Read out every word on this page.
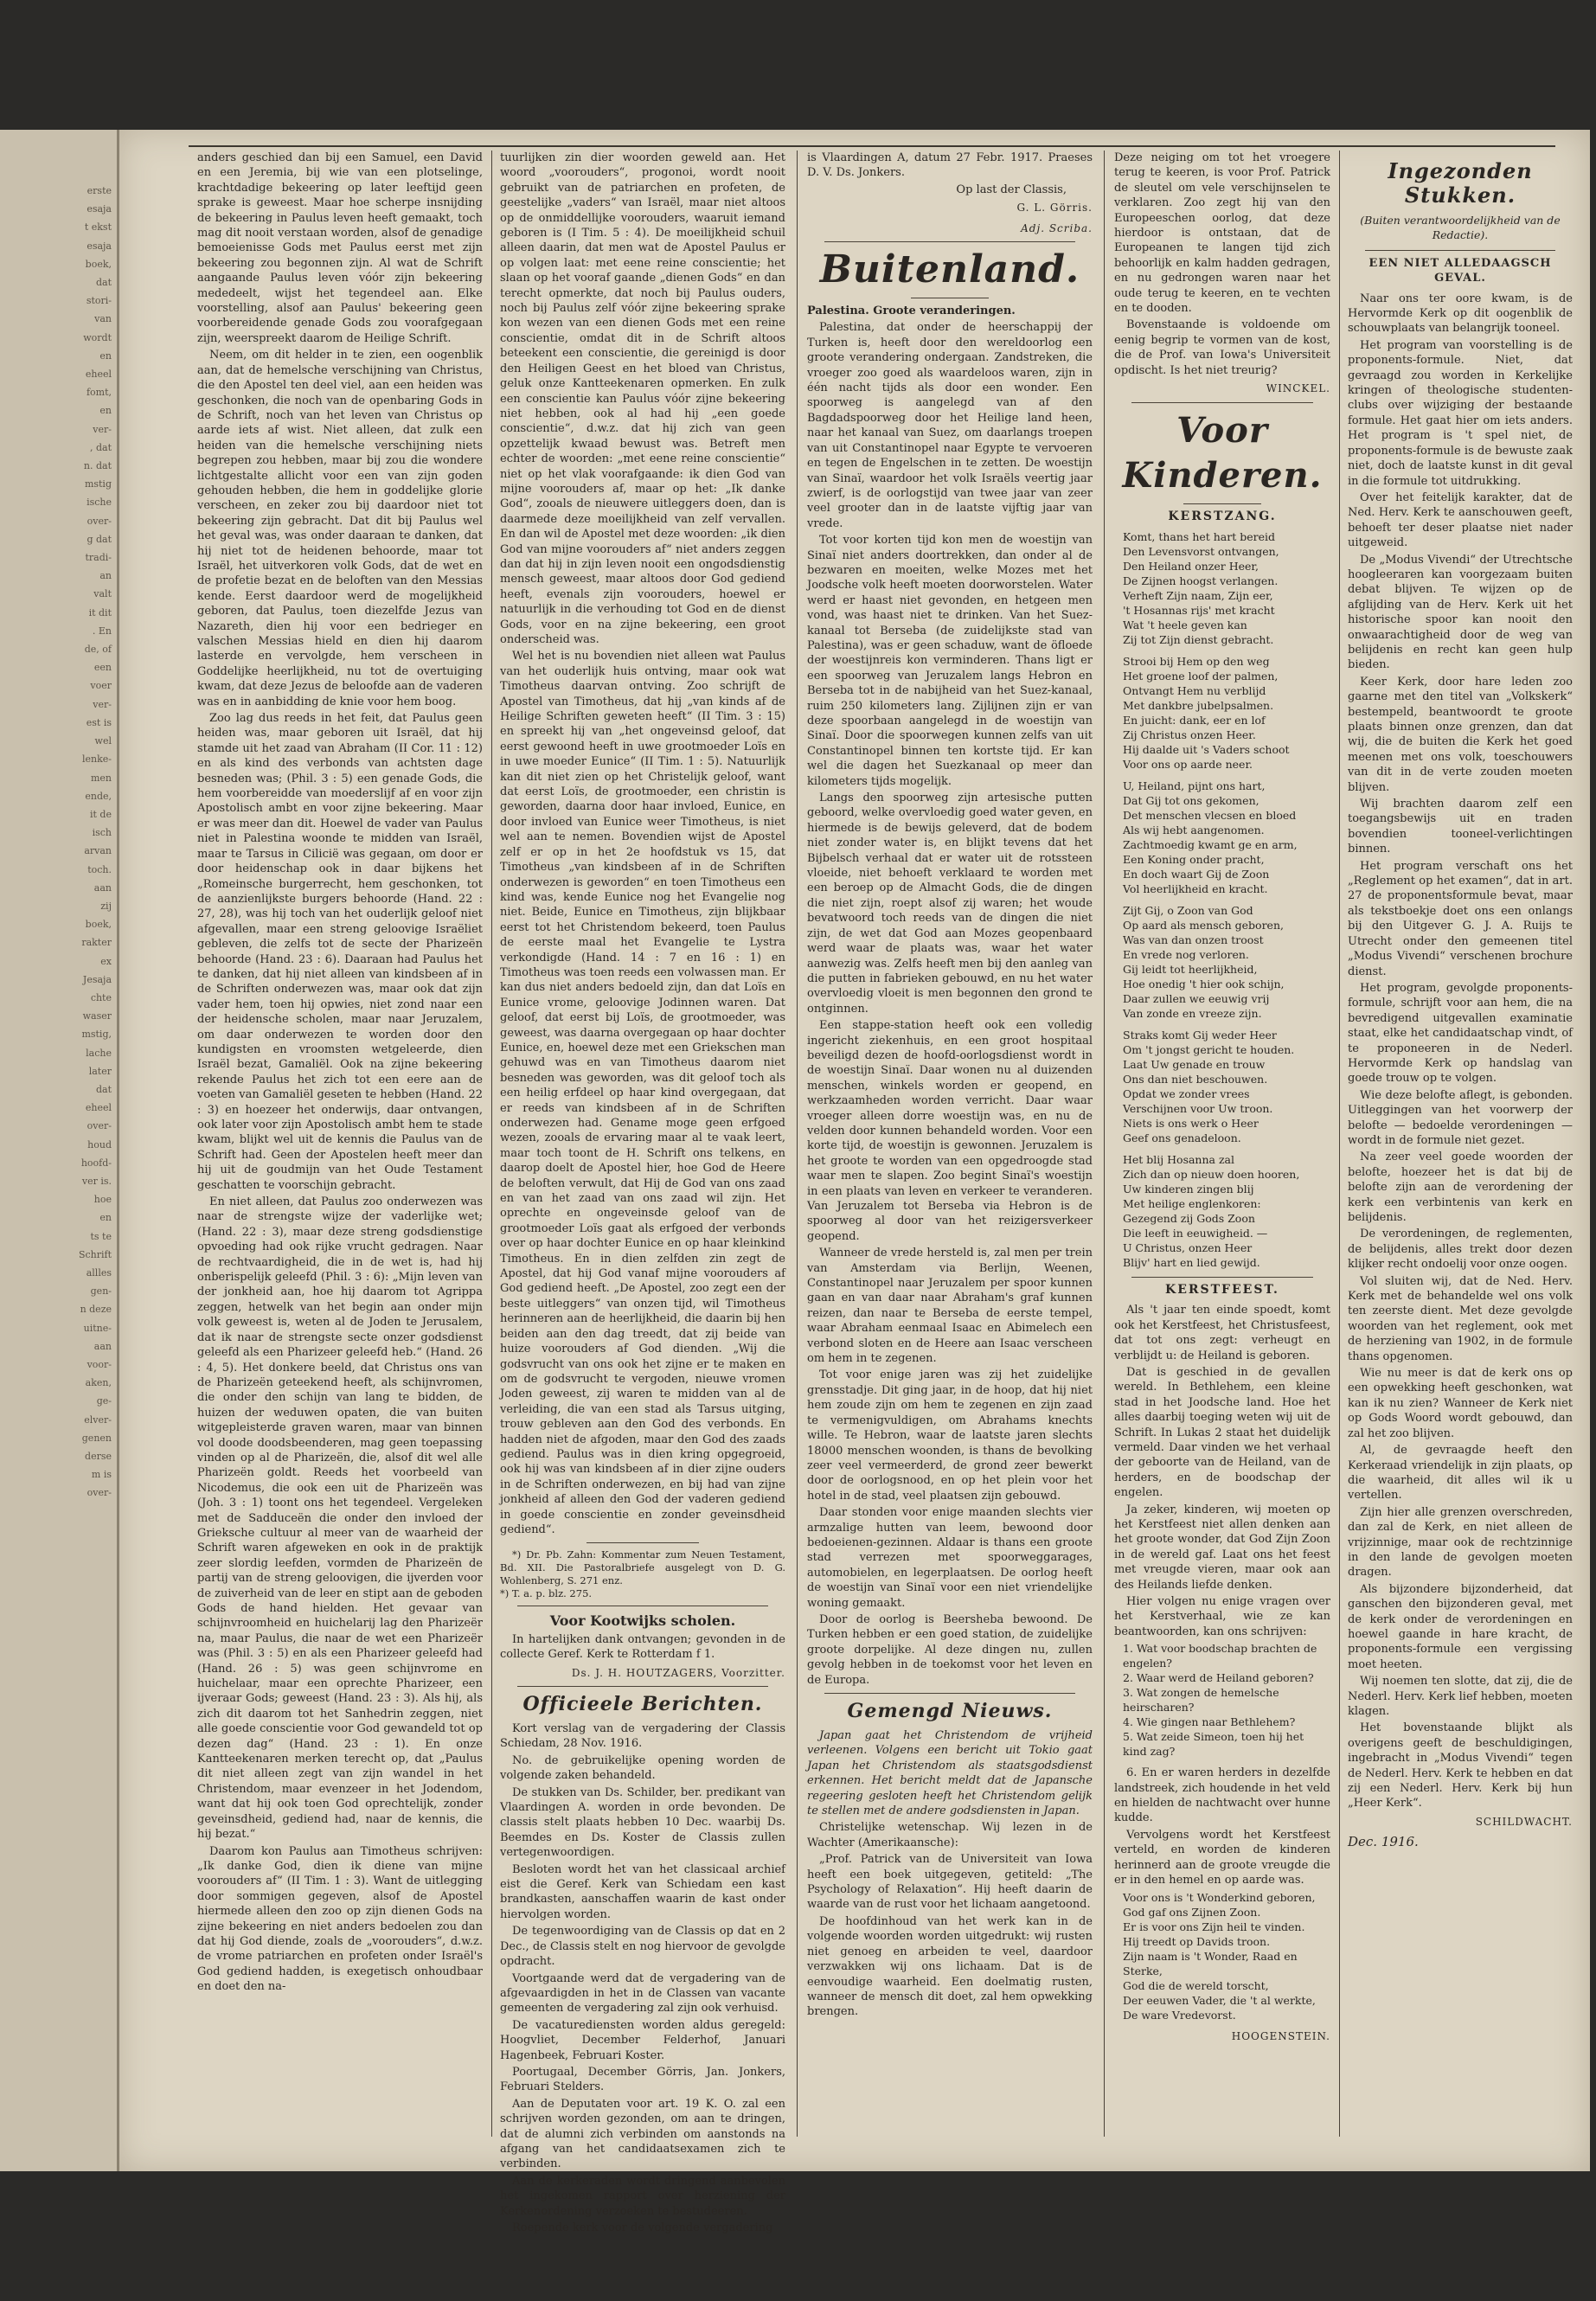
erste
esaja
t ekst
esaja
boek,
dat
stori-
van
wordt
en
eheel
fomt,
en
ver-
, dat
n. dat
mstig
ische
over-
g dat
tradi-
an
valt
it dit
. En
de, of
een
voer
ver-
est is
wel
lenke-
men
ende,
it de
isch
arvan
toch.
aan
zij
boek,
rakter
ex
Jesaja
chte
waser
mstig,
lache
later
dat
eheel
over-
houd
hoofd-
ver is.
hoe
en
ts te
Schrift
allles
gen-
n deze
uitne-
aan
voor-
aken,
ge-
elver-
genen
derse
m is
over-

anders geschied dan bij een Samuel, een David en een Jeremia, bij wie van een plotselinge, krachtdadige bekeering op later leeftijd geen sprake is geweest. Maar hoe scherpe insnijding de bekeering in Paulus leven heeft gemaakt, toch mag dit nooit verstaan worden, alsof de genadige bemoeienisse Gods met Paulus eerst met zijn bekeering zou begonnen zijn. Al wat de Schrift aangaande Paulus leven vóór zijn bekeering mededeelt, wijst het tegendeel aan. Elke voorstelling, alsof aan Paulus' bekeering geen voorbereidende genade Gods zou voorafgegaan zijn, weerspreekt daarom de Heilige Schrift.

Neem, om dit helder in te zien, een oogenblik aan, dat de hemelsche verschijning van Christus, die den Apostel ten deel viel, aan een heiden was geschonken, die noch van de openbaring Gods in de Schrift, noch van het leven van Christus op aarde iets af wist. Niet alleen, dat zulk een heiden van die hemelsche verschijning niets begrepen zou hebben, maar bij zou die wondere lichtgestalte allicht voor een van zijn goden gehouden hebben, die hem in goddelijke glorie verscheen, en zeker zou bij daardoor niet tot bekeering zijn gebracht. Dat dit bij Paulus wel het geval was, was onder daaraan te danken, dat hij niet tot de heidenen behoorde, maar tot Israël, het uitverkoren volk Gods, dat de wet en de profetie bezat en de beloften van den Messias kende. Eerst daardoor werd de mogelijkheid geboren, dat Paulus, toen diezelfde Jezus van Nazareth, dien hij voor een bedrieger en valschen Messias hield en dien hij daarom lasterde en vervolgde, hem verscheen in Goddelijke heerlijkheid, nu tot de overtuiging kwam, dat deze Jezus de beloofde aan de vaderen was en in aanbidding de knie voor hem boog.

Zoo lag dus reeds in het feit, dat Paulus geen heiden was, maar geboren uit Israël, dat hij stamde uit het zaad van Abraham (II Cor. 11 : 12) en als kind des verbonds van achtsten dage besneden was; (Phil. 3 : 5) een genade Gods, die hem voorbereidde van moederslijf af en voor zijn Apostolisch ambt en voor zijne bekeering. Maar er was meer dan dit. Hoewel de vader van Paulus niet in Palestina woonde te midden van Israël, maar te Tarsus in Cilicië was gegaan, om door er door heidenschap ook in daar bijkens het „Romeinsche burgerrecht, hem geschonken, tot de aanzienlijkste burgers behoorde (Hand. 22 : 27, 28), was hij toch van het ouderlijk geloof niet afgevallen, maar een streng geloovige Israëliet gebleven, die zelfs tot de secte der Pharizeën behoorde (Hand. 23 : 6). Daaraan had Paulus het te danken, dat hij niet alleen van kindsbeen af in de Schriften onderwezen was, maar ook dat zijn vader hem, toen hij opwies, niet zond naar een der heidensche scholen, maar naar Jeruzalem, om daar onderwezen te worden door den kundigsten en vroomsten wetgeleerde, dien Israël bezat, Gamaliël. Ook na zijne bekeering rekende Paulus het zich tot een eere aan de voeten van Gamaliël geseten te hebben (Hand. 22 : 3) en hoezeer het onderwijs, daar ontvangen, ook later voor zijn Apostolisch ambt hem te stade kwam, blijkt wel uit de kennis die Paulus van de Schrift had. Geen der Apostelen heeft meer dan hij uit de goudmijn van het Oude Testament geschatten te voorschijn gebracht.

En niet alleen, dat Paulus zoo onderwezen was naar de strengste wijze der vaderlijke wet; (Hand. 22 : 3), maar deze streng godsdienstige opvoeding had ook rijke vrucht gedragen. Naar de rechtvaardigheid, die in de wet is, had hij onberispelijk geleefd (Phil. 3 : 6): „Mijn leven van der jonkheid aan, hoe hij daarom tot Agrippa zeggen, hetwelk van het begin aan onder mijn volk geweest is, weten al de Joden te Jerusalem, dat ik naar de strengste secte onzer godsdienst geleefd als een Pharizeer geleefd heb.“ (Hand. 26 : 4, 5). Het donkere beeld, dat Christus ons van de Pharizeën geteekend heeft, als schijnvromen, die onder den schijn van lang te bidden, de huizen der weduwen opaten, die van buiten witgepleisterde graven waren, maar van binnen vol doode doodsbeenderen, mag geen toepassing vinden op al de Pharizeën, die, alsof dit wel alle Pharizeën goldt. Reeds het voorbeeld van Nicodemus, die ook een uit de Pharizeën was (Joh. 3 : 1) toont ons het tegendeel. Vergeleken met de Sadduceën die onder den invloed der Grieksche cultuur al meer van de waarheid der Schrift waren afgeweken en ook in de praktijk zeer slordig leefden, vormden de Pharizeën de partij van de streng geloovigen, die ijverden voor de zuiverheid van de leer en stipt aan de geboden Gods de hand hielden. Het gevaar van schijnvroomheid en huichelarij lag den Pharizeër na, maar Paulus, die naar de wet een Pharizeër was (Phil. 3 : 5) en als een Pharizeer geleefd had (Hand. 26 : 5) was geen schijnvrome en huichelaar, maar een oprechte Pharizeer, een ijveraar Gods; geweest (Hand. 23 : 3). Als hij, als zich dit daarom tot het Sanhedrin zeggen, niet alle goede conscientie voor God gewandeld tot op dezen dag“ (Hand. 23 : 1). En onze Kantteekenaren merken terecht op, dat „Paulus dit niet alleen zegt van zijn wandel in het Christendom, maar evenzeer in het Jodendom, want dat hij ook toen God oprechtelijk, zonder geveinsdheid, gediend had, naar de kennis, die hij bezat.“

Daarom kon Paulus aan Timotheus schrijven: „Ik danke God, dien ik diene van mijne voorouders af“ (II Tim. 1 : 3). Want de uitlegging door sommigen gegeven, alsof de Apostel hiermede alleen den zoo op zijn dienen Gods na zijne bekeering en niet anders bedoelen zou dan dat hij God diende, zoals de „voorouders“, d.w.z. de vrome patriarchen en profeten onder Israël's God gediend hadden, is exegetisch onhoudbaar en doet den na-

tuurlijken zin dier woorden geweld aan. Het woord „voorouders“, progonoi, wordt nooit gebruikt van de patriarchen en profeten, de geestelijke „vaders“ van Israël, maar niet altoos op de onmiddellijke voorouders, waaruit iemand geboren is (I Tim. 5 : 4). De moeilijkheid schuil alleen daarin, dat men wat de Apostel Paulus er op volgen laat: met eene reine conscientie; het slaan op het vooraf gaande „dienen Gods“ en dan terecht opmerkte, dat noch bij Paulus ouders, noch bij Paulus zelf vóór zijne bekeering sprake kon wezen van een dienen Gods met een reine conscientie, omdat dit in de Schrift altoos beteekent een conscientie, die gereinigd is door den Heiligen Geest en het bloed van Christus, geluk onze Kantteekenaren opmerken. En zulk een conscientie kan Paulus vóór zijne bekeering niet hebben, ook al had hij „een goede conscientie“, d.w.z. dat hij zich van geen opzettelijk kwaad bewust was. Betreft men echter de woorden: „met eene reine conscientie“ niet op het vlak voorafgaande: ik dien God van mijne voorouders af, maar op het: „Ik danke God“, zooals de nieuwere uitleggers doen, dan is daarmede deze moeilijkheid van zelf vervallen. En dan wil de Apostel met deze woorden: „ik dien God van mijne voorouders af“ niet anders zeggen dan dat hij in zijn leven nooit een ongodsdienstig mensch geweest, maar altoos door God gediend heeft, evenals zijn voorouders, hoewel er natuurlijk in die verhouding tot God en de dienst Gods, voor en na zijne bekeering, een groot onderscheid was.

Wel het is nu bovendien niet alleen wat Paulus van het ouderlijk huis ontving, maar ook wat Timotheus daarvan ontving. Zoo schrijft de Apostel van Timotheus, dat hij „van kinds af de Heilige Schriften geweten heeft“ (II Tim. 3 : 15) en spreekt hij van „het ongeveinsd geloof, dat eerst gewoond heeft in uwe grootmoeder Loïs en in uwe moeder Eunice“ (II Tim. 1 : 5). Natuurlijk kan dit niet zien op het Christelijk geloof, want dat eerst Loïs, de grootmoeder, een christin is geworden, daarna door haar invloed, Eunice, en door invloed van Eunice weer Timotheus, is niet wel aan te nemen. Bovendien wijst de Apostel zelf er op in het 2e hoofdstuk vs 15, dat Timotheus „van kindsbeen af in de Schriften onderwezen is geworden“ en toen Timotheus een kind was, kende Eunice nog het Evangelie nog niet. Beide, Eunice en Timotheus, zijn blijkbaar eerst tot het Christendom bekeerd, toen Paulus de eerste maal het Evangelie te Lystra verkondigde (Hand. 14 : 7 en 16 : 1) en Timotheus was toen reeds een volwassen man. Er kan dus niet anders bedoeld zijn, dan dat Loïs en Eunice vrome, geloovige Jodinnen waren. Dat geloof, dat eerst bij Loïs, de grootmoeder, was geweest, was daarna overgegaan op haar dochter Eunice, en, hoewel deze met een Griekschen man gehuwd was en van Timotheus daarom niet besneden was geworden, was dit geloof toch als een heilig erfdeel op haar kind overgegaan, dat er reeds van kindsbeen af in de Schriften onderwezen had. Gename moge geen erfgoed wezen, zooals de ervaring maar al te vaak leert, maar toch toont de H. Schrift ons telkens, en daarop doelt de Apostel hier, hoe God de Heere de beloften verwult, dat Hij de God van ons zaad en van het zaad van ons zaad wil zijn. Het oprechte en ongeveinsde geloof van de grootmoeder Loïs gaat als erfgoed der verbonds over op haar dochter Eunice en op haar kleinkind Timotheus. En in dien zelfden zin zegt de Apostel, dat hij God vanaf mijne voorouders af God gediend heeft. „De Apostel, zoo zegt een der beste uitleggers“ van onzen tijd, wil Timotheus herinneren aan de heerlijkheid, die daarin bij hen beiden aan den dag treedt, dat zij beide van huize voorouders af God dienden. „Wij die godsvrucht van ons ook het zijne er te maken en om de godsvrucht te vergoden, nieuwe vromen Joden geweest, zij waren te midden van al de verleiding, die van een stad als Tarsus uitging, trouw gebleven aan den God des verbonds. En hadden niet de afgoden, maar den God des zaads gediend. Paulus was in dien kring opgegroeid, ook hij was van kindsbeen af in dier zijne ouders in de Schriften onderwezen, en bij had van zijne jonkheid af alleen den God der vaderen gediend in goede conscientie en zonder geveinsdheid gediend“.

*) Dr. Pb. Zahn: Kommentar zum Neuen Testament, Bd. XII. Die Pastoralbriefe ausgelegt von D. G. Wohlenberg, S. 271 enz.
*) T. a. p. blz. 275.

Voor Kootwijks scholen.

In hartelijken dank ontvangen; gevonden in de collecte Geref. Kerk te Rotterdam f 1.

Ds. J. H. HOUTZAGERS, Voorzitter.
Officieele Berichten.

Kort verslag van de vergadering der Classis Schiedam, 28 Nov. 1916.

No. de gebruikelijke opening worden de volgende zaken behandeld.

De stukken van Ds. Schilder, ber. predikant van Vlaardingen A. worden in orde bevonden. De classis stelt plaats hebben 10 Dec. waarbij Ds. Beemdes en Ds. Koster de Classis zullen vertegenwoordigen.

Besloten wordt het van het classicaal archief eist die Geref. Kerk van Schiedam een kast brandkasten, aanschaffen waarin de kast onder hiervolgen worden.

De tegenwoordiging van de Classis op dat en 2 Dec., de Classis stelt en nog hiervoor de gevolgde opdracht.

Voortgaande werd dat de vergadering van de afgevaardigden in het in de Classen van vacante gemeenten de vergadering zal zijn ook verhuisd.

De vacaturediensten worden aldus geregeld: Hoogvliet, December Felderhof, Januari Hagenbeek, Februari Koster.

Poortugaal, December Görris, Jan. Jonkers, Februari Stelders.

Aan de Deputaten voor art. 19 K. O. zal een schrijven worden gezonden, om aan te dringen, dat de alumni zich verbinden om aanstonds na afgang van het candidaatsexamen zich te verbinden.

Aan de kerkeraden wordt dringend aanbevolen het ingekomen rapport over herziening der Kerkenordening verzoeken te bestudeeren.

Roepende kerk voor de volgende vergadering

is Vlaardingen A, datum 27 Febr. 1917. Praeses D. V. Ds. Jonkers.

Op last der Classis,
G. L. Görris.
Adj. Scriba.
Buitenland.

Palestina. Groote veranderingen.

Palestina, dat onder de heerschappij der Turken is, heeft door den wereldoorlog een groote verandering ondergaan. Zandstreken, die vroeger zoo goed als waardeloos waren, zijn in één nacht tijds als door een wonder. Een spoorweg is aangelegd van af den Bagdadspoorweg door het Heilige land heen, naar het kanaal van Suez, om daarlangs troepen van uit Constantinopel naar Egypte te vervoeren en tegen de Engelschen in te zetten. De woestijn van Sinaï, waardoor het volk Israëls veertig jaar zwierf, is de oorlogstijd van twee jaar van zeer veel grooter dan in de laatste vijftig jaar van vrede.

Tot voor korten tijd kon men de woestijn van Sinaï niet anders doortrekken, dan onder al de bezwaren en moeiten, welke Mozes met het Joodsche volk heeft moeten doorworstelen. Water werd er haast niet gevonden, en hetgeen men vond, was haast niet te drinken. Van het Suez-kanaal tot Berseba (de zuidelijkste stad van Palestina), was er geen schaduw, want de öfloede der woestijnreis kon verminderen. Thans ligt er een spoorweg van Jeruzalem langs Hebron en Berseba tot in de nabijheid van het Suez-kanaal, ruim 250 kilometers lang. Zijlijnen zijn er van deze spoorbaan aangelegd in de woestijn van Sinaï. Door die spoorwegen kunnen zelfs van uit Constantinopel binnen ten kortste tijd. Er kan wel die dagen het Suezkanaal op meer dan kilometers tijds mogelijk.

Langs den spoorweg zijn artesische putten geboord, welke overvloedig goed water geven, en hiermede is de bewijs geleverd, dat de bodem niet zonder water is, en blijkt tevens dat het Bijbelsch verhaal dat er water uit de rotssteen vloeide, niet behoeft verklaard te worden met een beroep op de Almacht Gods, die de dingen die niet zijn, roept alsof zij waren; het woude bevatwoord toch reeds van de dingen die niet zijn, de wet dat God aan Mozes geopenbaard werd waar de plaats was, waar het water aanwezig was. Zelfs heeft men bij den aanleg van die putten in fabrieken gebouwd, en nu het water overvloedig vloeit is men begonnen den grond te ontginnen.

Een stappe-station heeft ook een volledig ingericht ziekenhuis, en een groot hospitaal beveiligd dezen de hoofd-oorlogsdienst wordt in de woestijn Sinaï. Daar wonen nu al duizenden menschen, winkels worden er geopend, en werkzaamheden worden verricht. Daar waar vroeger alleen dorre woestijn was, en nu de velden door kunnen behandeld worden. Voor een korte tijd, de woestijn is gewonnen. Jeruzalem is het groote te worden van een opgedroogde stad waar men te slapen. Zoo begint Sinaï's woestijn in een plaats van leven en verkeer te veranderen. Van Jeruzalem tot Berseba via Hebron is de spoorweg al door van het reizigersverkeer geopend.

Wanneer de vrede hersteld is, zal men per trein van Amsterdam via Berlijn, Weenen, Constantinopel naar Jeruzalem per spoor kunnen gaan en van daar naar Abraham's graf kunnen reizen, dan naar te Berseba de eerste tempel, waar Abraham eenmaal Isaac en Abimelech een verbond sloten en de Heere aan Isaac verscheen om hem in te zegenen.

Tot voor enige jaren was zij het zuidelijke grensstadje. Dit ging jaar, in de hoop, dat hij niet hem zoude zijn om hem te zegenen en zijn zaad te vermenigvuldigen, om Abrahams knechts wille. Te Hebron, waar de laatste jaren slechts 18000 menschen woonden, is thans de bevolking zeer veel vermeerderd, de grond zeer bewerkt door de oorlogsnood, en op het plein voor het hotel in de stad, veel plaatsen zijn gebouwd.

Daar stonden voor enige maanden slechts vier armzalige hutten van leem, bewoond door bedoeienen-gezinnen. Aldaar is thans een groote stad verrezen met spoorweggarages, automobielen, en legerplaatsen. De oorlog heeft de woestijn van Sinaï voor een niet vriendelijke woning gemaakt.

Door de oorlog is Beersheba bewoond. De Turken hebben er een goed station, de zuidelijke groote dorpelijke. Al deze dingen nu, zullen gevolg hebben in de toekomst voor het leven en de Europa.

Gemengd Nieuws.

Japan gaat het Christendom de vrijheid verleenen. Volgens een bericht uit Tokio gaat Japan het Christendom als staatsgodsdienst erkennen. Het bericht meldt dat de Japansche regeering gesloten heeft het Christendom gelijk te stellen met de andere godsdiensten in Japan.

Christelijke wetenschap. Wij lezen in de Wachter (Amerikaansche):

„Prof. Patrick van de Universiteit van Iowa heeft een boek uitgegeven, getiteld: „The Psychology of Relaxation“. Hij heeft daarin de waarde van de rust voor het lichaam aangetoond.

De hoofdinhoud van het werk kan in de volgende woorden worden uitgedrukt: wij rusten niet genoeg en arbeiden te veel, daardoor verzwakken wij ons lichaam. Dat is de eenvoudige waarheid. Een doelmatig rusten, wanneer de mensch dit doet, zal hem opwekking brengen.

Deze neiging om tot het vroegere terug te keeren, is voor Prof. Patrick de sleutel om vele verschijnselen te verklaren. Zoo zegt hij van den Europeeschen oorlog, dat deze hierdoor is ontstaan, dat de Europeanen te langen tijd zich behoorlijk en kalm hadden gedragen, en nu gedrongen waren naar het oude terug te keeren, en te vechten en te dooden.

Bovenstaande is voldoende om eenig begrip te vormen van de kost, die de Prof. van Iowa's Universiteit opdischt. Is het niet treurig?

WINCKEL.
Voor Kinderen.
KERSTZANG.

Komt, thans het hart bereid
Den Levensvorst ontvangen,
Den Heiland onzer Heer,
De Zijnen hoogst verlangen.
Verheft Zijn naam, Zijn eer,
't Hosannas rijs' met kracht
Wat 't heele geven kan
Zij tot Zijn dienst gebracht.

Strooi bij Hem op den weg
Het groene loof der palmen,
Ontvangt Hem nu verblijd
Met dankbre jubelpsalmen.
En juicht: dank, eer en lof
Zij Christus onzen Heer.
Hij daalde uit 's Vaders schoot
Voor ons op aarde neer.

U, Heiland, pijnt ons hart,
Dat Gij tot ons gekomen,
Det menschen vlecsen en bloed
Als wij hebt aangenomen.
Zachtmoedig kwamt ge en arm,
Een Koning onder pracht,
En doch waart Gij de Zoon
Vol heerlijkheid en kracht.

Zijt Gij, o Zoon van God
Op aard als mensch geboren,
Was van dan onzen troost
En vrede nog verloren.
Gij leidt tot heerlijkheid,
Hoe onedig 't hier ook schijn,
Daar zullen we eeuwig vrij
Van zonde en vreeze zijn.

Straks komt Gij weder Heer
Om 't jongst gericht te houden.
Laat Uw genade en trouw
Ons dan niet beschouwen.
Opdat we zonder vrees
Verschijnen voor Uw troon.
Niets is ons werk o Heer
Geef ons genadeloon.

Het blij Hosanna zal
Zich dan op nieuw doen hooren,
Uw kinderen zingen blij
Met heilige englenkoren:
Gezegend zij Gods Zoon
Die leeft in eeuwigheid. —
U Christus, onzen Heer
Blijv' hart en lied gewijd.

KERSTFEEST.

Als 't jaar ten einde spoedt, komt ook het Kerstfeest, het Christusfeest, dat tot ons zegt: verheugt en verblijdt u: de Heiland is geboren.

Dat is geschied in de gevallen wereld. In Bethlehem, een kleine stad in het Joodsche land. Hoe het alles daarbij toeging weten wij uit de Schrift. In Lukas 2 staat het duidelijk vermeld. Daar vinden we het verhaal der geboorte van de Heiland, van de herders, en de boodschap der engelen.

Ja zeker, kinderen, wij moeten op het Kerstfeest niet allen denken aan het groote wonder, dat God Zijn Zoon in de wereld gaf. Laat ons het feest met vreugde vieren, maar ook aan des Heilands liefde denken.

Hier volgen nu enige vragen over het Kerstverhaal, wie ze kan beantwoorden, kan ons schrijven:

1. Wat voor boodschap brachten de engelen?
2. Waar werd de Heiland geboren?
3. Wat zongen de hemelsche heirscharen?
4. Wie gingen naar Bethlehem?
5. Wat zeide Simeon, toen hij het kind zag?

6. En er waren herders in dezelfde landstreek, zich houdende in het veld en hielden de nachtwacht over hunne kudde.

Vervolgens wordt het Kerstfeest verteld, en worden de kinderen herinnerd aan de groote vreugde die er in den hemel en op aarde was.

Voor ons is 't Wonderkind geboren,
God gaf ons Zijnen Zoon.
Er is voor ons Zijn heil te vinden.
Hij treedt op Davids troon.
Zijn naam is 't Wonder, Raad en Sterke,
God die de wereld torscht,
Der eeuwen Vader, die 't al werkte,
De ware Vredevorst.

HOOGENSTEIN.
Ingezonden Stukken.
(Buiten verantwoordelijkheid van de Redactie).
EEN NIET ALLEDAAGSCH GEVAL.

Naar ons ter oore kwam, is de Hervormde Kerk op dit oogenblik de schouwplaats van belangrijk tooneel.

Het program van voorstelling is de proponents-formule. Niet, dat gevraagd zou worden in Kerkelijke kringen of theologische studenten-clubs over wijziging der bestaande formule. Het gaat hier om iets anders. Het program is 't spel niet, de proponents-formule is de bewuste zaak niet, doch de laatste kunst in dit geval in die formule tot uitdrukking.

Over het feitelijk karakter, dat de Ned. Herv. Kerk te aanschouwen geeft, behoeft ter deser plaatse niet nader uitgeweid.

De „Modus Vivendi“ der Utrechtsche hoogleeraren kan voorgezaam buiten debat blijven. Te wijzen op de afglijding van de Herv. Kerk uit het historische spoor kan nooit den onwaarachtigheid door de weg van belijdenis en recht kan geen hulp bieden.

Keer Kerk, door hare leden zoo gaarne met den titel van „Volkskerk“ bestempeld, beantwoordt te groote plaats binnen onze grenzen, dan dat wij, die de buiten die Kerk het goed meenen met ons volk, toeschouwers van dit in de verte zouden moeten blijven.

Wij brachten daarom zelf een toegangsbewijs uit en traden bovendien tooneel-verlichtingen binnen.

Het program verschaft ons het „Reglement op het examen“, dat in art. 27 de proponentsformule bevat, maar als tekstboekje doet ons een onlangs bij den Uitgever G. J. A. Ruijs te Utrecht onder den gemeenen titel „Modus Vivendi“ verschenen brochure dienst.

Het program, gevolgde proponents-formule, schrijft voor aan hem, die na bevredigend uitgevallen examinatie staat, elke het candidaatschap vindt, of te proponeeren in de Nederl. Hervormde Kerk op handslag van goede trouw op te volgen.

Wie deze belofte aflegt, is gebonden. Uitleggingen van het voorwerp der belofte — bedoelde verordeningen — wordt in de formule niet gezet.

Na zeer veel goede woorden der belofte, hoezeer het is dat bij de belofte zijn aan de verordening der kerk een verbintenis van kerk en belijdenis.

De verordeningen, de reglementen, de belijdenis, alles trekt door dezen klijker recht ondoelij voor onze oogen.

Vol sluiten wij, dat de Ned. Herv. Kerk met de behandelde wel ons volk ten zeerste dient. Met deze gevolgde woorden van het reglement, ook met de herziening van 1902, in de formule thans opgenomen.

Wie nu meer is dat de kerk ons op een opwekking heeft geschonken, wat kan ik nu zien? Wanneer de Kerk niet op Gods Woord wordt gebouwd, dan zal het zoo blijven.

Al, de gevraagde heeft den Kerkeraad vriendelijk in zijn plaats, op die waarheid, dit alles wil ik u vertellen.

Zijn hier alle grenzen overschreden, dan zal de Kerk, en niet alleen de vrijzinnige, maar ook de rechtzinnige in den lande de gevolgen moeten dragen.

Als bijzondere bijzonderheid, dat ganschen den bijzonderen geval, met de kerk onder de verordeningen en hoewel gaande in hare kracht, de proponents-formule een vergissing moet heeten.

Wij noemen ten slotte, dat zij, die de Nederl. Herv. Kerk lief hebben, moeten klagen.

Het bovenstaande blijkt als overigens geeft de beschuldigingen, ingebracht in „Modus Vivendi“ tegen de Nederl. Herv. Kerk te hebben en dat zij een Nederl. Herv. Kerk bij hun „Heer Kerk“.

SCHILDWACHT.
Dec. 1916.
